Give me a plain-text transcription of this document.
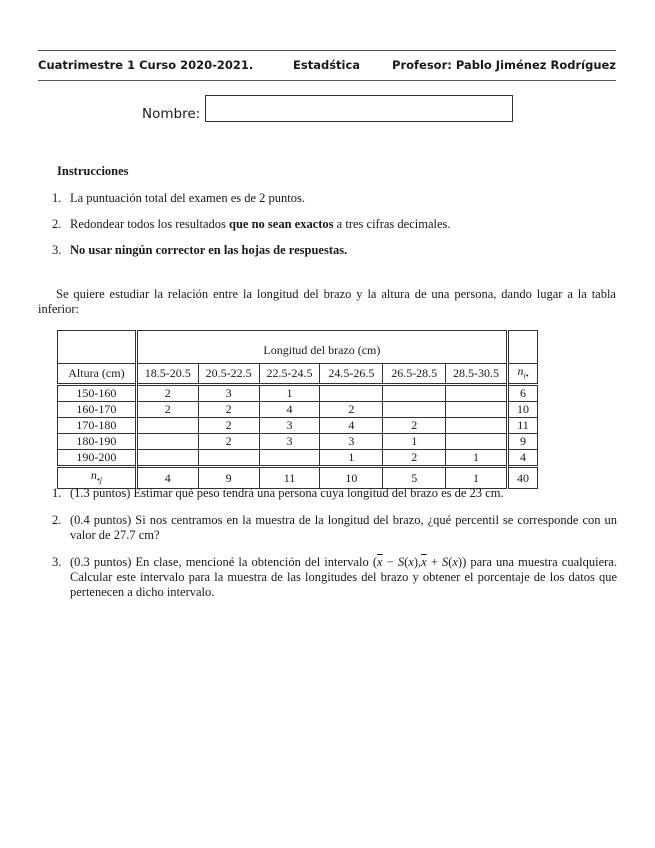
Cuatrimestre 1 Curso 2020-2021.	Estadśtica	Profesor: Pablo Jiménez Rodríguez
Nombre:
Instrucciones
1. La puntuación total del examen es de 2 puntos.
2. Redondear todos los resultados que no sean exactos a tres cifras decimales.
3. No usar ningún corrector en las hojas de respuestas.
Se quiere estudiar la relación entre la longitud del brazo y la altura de una persona, dando lugar a la tabla inferior:
	Longitud del brazo (cm)						
Altura (cm)	18.5-20.5	20.5-22.5	22.5-24.5	24.5-26.5	26.5-28.5	28.5-30.5	$n_{i•}$
150-160	2	3	1				6
160-170	2	2	4	2			10
170-180		2	3	4	2		11
180-190		2	3	3	1		9
190-200				1	2	1	4
$n_{•j}$	4	9	11	10	5	1	40
1. (1.3 puntos) Estimar qué peso tendrá una persona cuya longitud del brazo es de 23 cm.
2. (0.4 puntos) Si nos centramos en la muestra de la longitud del brazo, ¿qué percentil se corresponde con un valor de 27.7 cm?
3. (0.3 puntos) En clase, mencioné la obtención del intervalo $(\overline{x} - S(x),\overline{x} + S(x))$ para una muestra cualquiera. Calcular este intervalo para la muestra de las longitudes del brazo y obtener el porcentaje de los datos que pertenecen a dicho intervalo.
